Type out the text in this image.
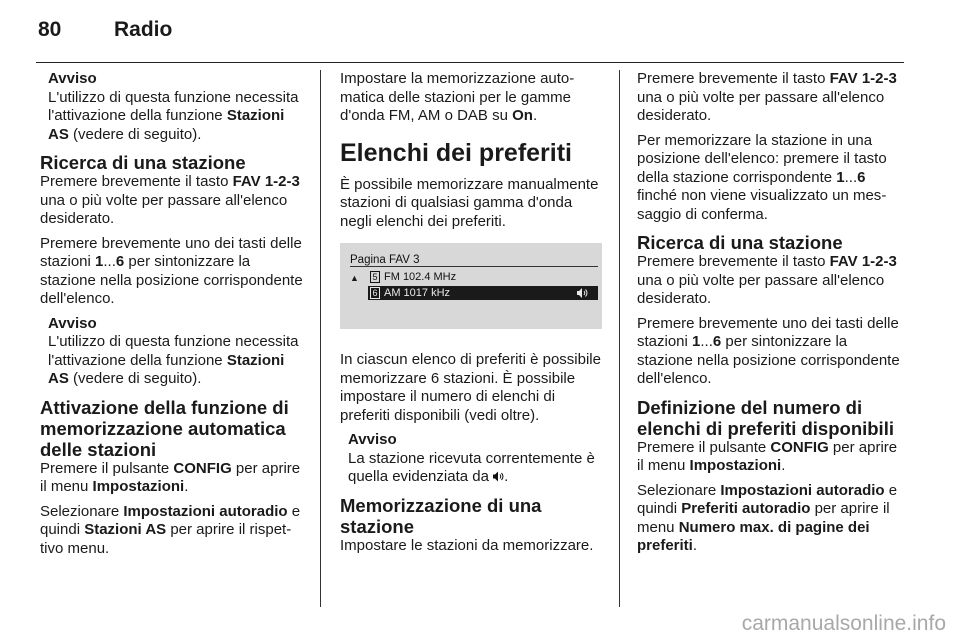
80	Radio
Avviso

L'utilizzo di questa funzione necessita l'attivazione della funzione Stazioni AS (vedere di seguito).

Ricerca di una stazione

Premere brevemente il tasto FAV 1-2-3 una o più volte per passare all'elenco desiderato.

Premere brevemente uno dei tasti delle stazioni 1...6 per sintonizzare la stazione nella posizione corrispondente dell'elenco.

Avviso

L'utilizzo di questa funzione necessita l'attivazione della funzione Stazioni AS (vedere di seguito).

Attivazione della funzione di memorizzazione automatica delle stazioni

Premere il pulsante CONFIG per aprire il menu Impostazioni.

Selezionare Impostazioni autoradio e quindi Stazioni AS per aprire il rispettivo menu.

Impostare la memorizzazione automatica delle stazioni per le gamme d'onda FM, AM o DAB su On.

Elenchi dei preferiti

È possibile memorizzare manualmente stazioni di qualsiasi gamma d'onda negli elenchi dei preferiti.

Pagina FAV 3
▲ 5 FM 102.4 MHz
6 AM 1017 kHz

In ciascun elenco di preferiti è possibile memorizzare 6 stazioni. È possibile impostare il numero di elenchi di preferiti disponibili (vedi oltre).

Avviso

La stazione ricevuta correntemente è quella evidenziata da .

Memorizzazione di una stazione

Impostare le stazioni da memorizzare.

Premere brevemente il tasto FAV 1-2-3 una o più volte per passare all'elenco desiderato.

Per memorizzare la stazione in una posizione dell'elenco: premere il tasto della stazione corrispondente 1...6 finché non viene visualizzato un messaggio di conferma.

Ricerca di una stazione

Premere brevemente il tasto FAV 1-2-3 una o più volte per passare all'elenco desiderato.

Premere brevemente uno dei tasti delle stazioni 1...6 per sintonizzare la stazione nella posizione corrispondente dell'elenco.

Definizione del numero di elenchi di preferiti disponibili

Premere il pulsante CONFIG per aprire il menu Impostazioni.

Selezionare Impostazioni autoradio e quindi Preferiti autoradio per aprire il menu Numero max. di pagine dei preferiti.

carmanualsonline.info
